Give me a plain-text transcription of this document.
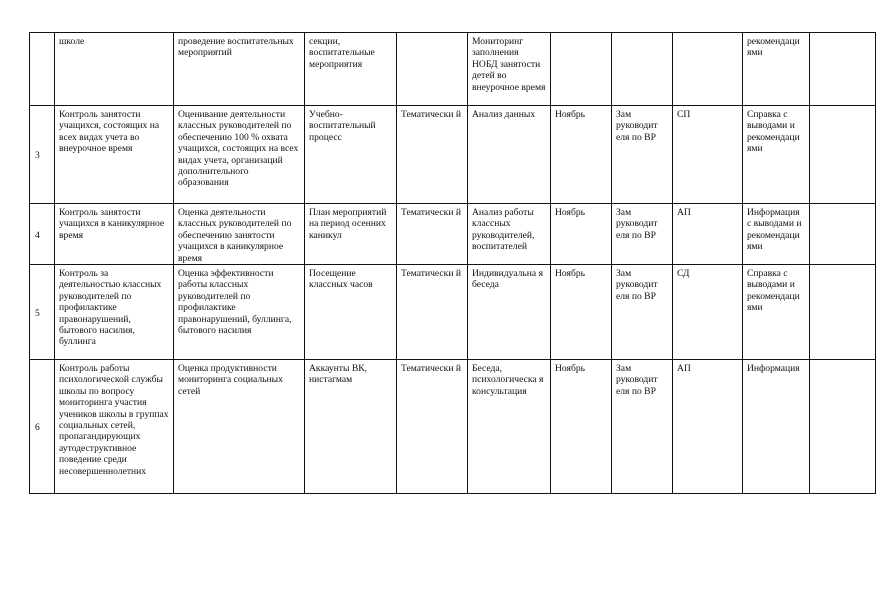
	школе	проведение воспитательных мероприятий	секции, воспитательные мероприятия		Мониторинг заполнения НОБД занятости детей во внеурочное время				рекомендаци ями	
3	Контроль занятости учащихся, состоящих на всех видах учета во внеурочное время	Оценивание деятельности классных руководителей по обеспечению 100 % охвата учащихся, состоящих на всех видах учета, организаций дополнительного образования	Учебно-воспитательный процесс	Тематически й	Анализ данных	Ноябрь	Зам руководит еля по ВР	СП	Справка с выводами и рекомендаци ями	
4	Контроль занятости учащихся в каникулярное время	Оценка деятельности классных руководителей по обеспечению занятости учащихся в каникулярное время	План мероприятий на период осенних каникул	Тематически й	Анализ работы классных руководителей, воспитателей	Ноябрь	Зам руководит еля по ВР	АП	Информация с выводами и рекомендаци ями	
5	Контроль за деятельностью классных руководителей по профилактике правонарушений, бытового насилия, буллинга	Оценка эффективности работы классных руководителей по профилактике правонарушений, буллинга, бытового насилия	Посещение классных часов	Тематически й	Индивидуальна я беседа	Ноябрь	Зам руководит еля по ВР	СД	Справка с выводами и рекомендаци ями	
6	Контроль работы психологической службы школы по вопросу мониторинга участия учеников школы в группах социальных сетей, пропагандирующих аутодеструктивное поведение среди несовершеннолетних	Оценка продуктивности мониторинга социальных сетей	Аккаунты ВК, нистагмам	Тематически й	Беседа, психологическа я консультация	Ноябрь	Зам руководит еля по ВР	АП	Информация	
